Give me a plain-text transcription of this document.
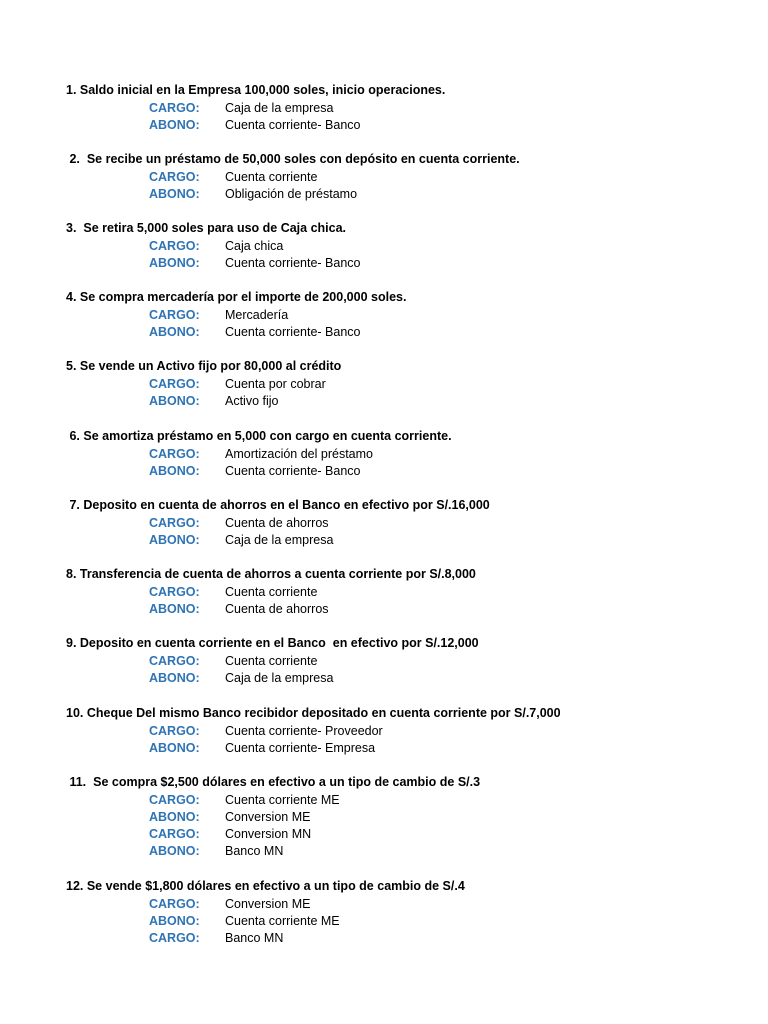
1. Saldo inicial en la Empresa 100,000 soles, inicio operaciones.

CARGO: Caja de la empresa
ABONO: Cuenta corriente- Banco

2.  Se recibe un préstamo de 50,000 soles con depósito en cuenta corriente.

CARGO: Cuenta corriente
ABONO: Obligación de préstamo

3.  Se retira 5,000 soles para uso de Caja chica.

CARGO: Caja chica
ABONO: Cuenta corriente- Banco

4. Se compra mercadería por el importe de 200,000 soles.

CARGO: Mercadería
ABONO: Cuenta corriente- Banco

5. Se vende un Activo fijo por 80,000 al crédito

CARGO: Cuenta por cobrar
ABONO: Activo fijo

6. Se amortiza préstamo en 5,000 con cargo en cuenta corriente.

CARGO: Amortización del préstamo
ABONO: Cuenta corriente- Banco

7. Deposito en cuenta de ahorros en el Banco en efectivo por S/.16,000

CARGO: Cuenta de ahorros
ABONO: Caja de la empresa

8. Transferencia de cuenta de ahorros a cuenta corriente por S/.8,000

CARGO: Cuenta corriente
ABONO: Cuenta de ahorros

9. Deposito en cuenta corriente en el Banco  en efectivo por S/.12,000

CARGO: Cuenta corriente
ABONO: Caja de la empresa

10. Cheque Del mismo Banco recibidor depositado en cuenta corriente por S/.7,000

CARGO: Cuenta corriente- Proveedor
ABONO: Cuenta corriente- Empresa

11.  Se compra $2,500 dólares en efectivo a un tipo de cambio de S/.3

CARGO: Cuenta corriente ME
ABONO: Conversion ME
CARGO: Conversion MN
ABONO: Banco MN

12. Se vende $1,800 dólares en efectivo a un tipo de cambio de S/.4

CARGO: Conversion ME
ABONO: Cuenta corriente ME
CARGO: Banco MN
